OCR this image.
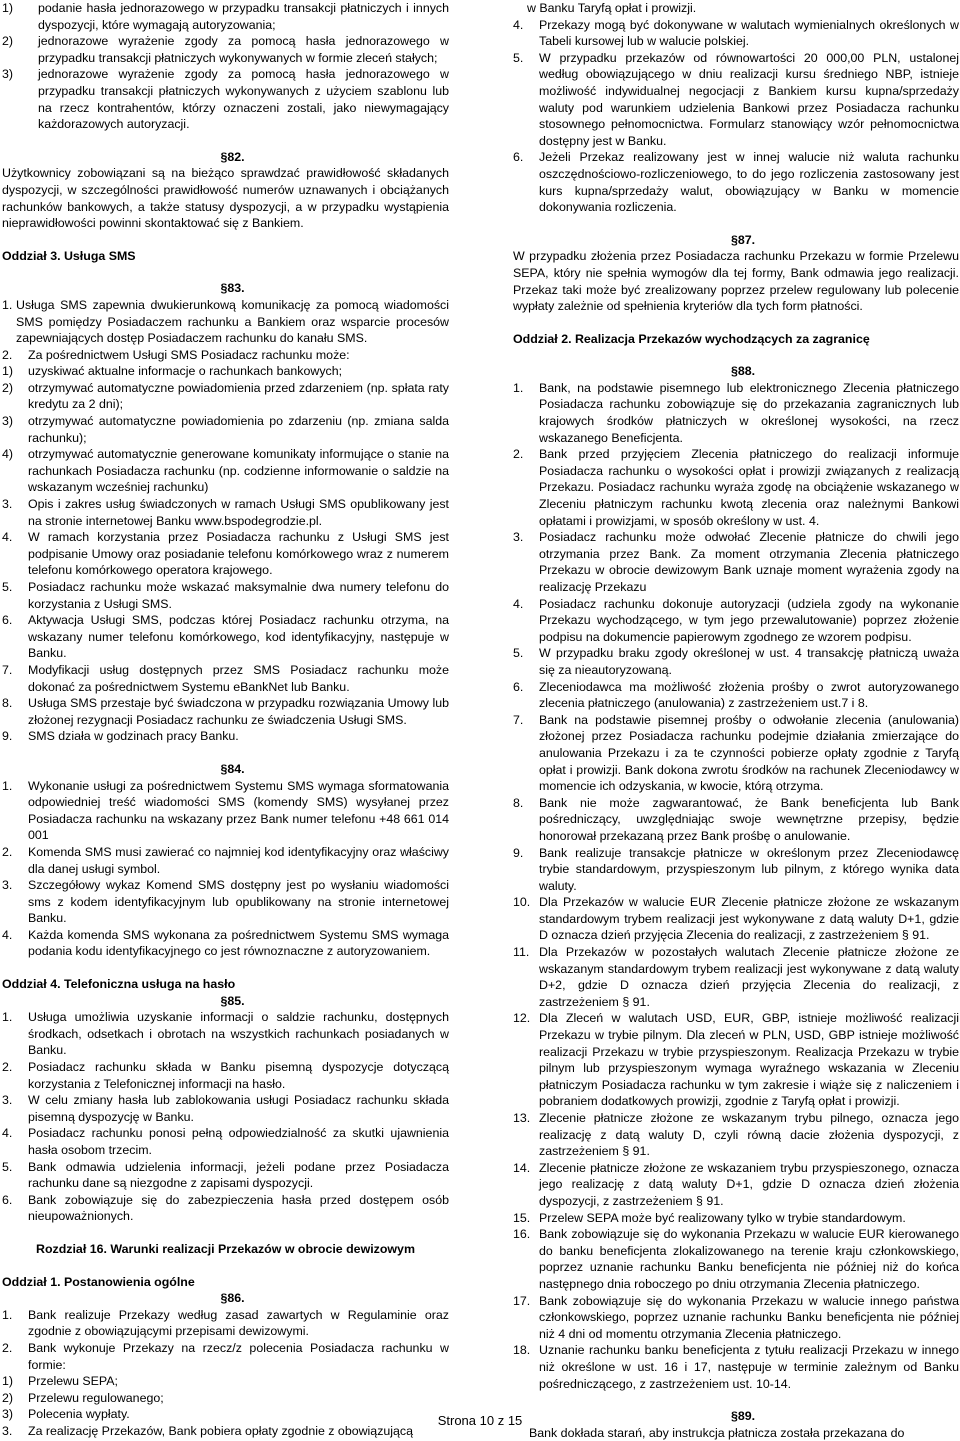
1)	podanie hasła jednorazowego w przypadku transakcji płatniczych i innych dyspozycji, które wymagają autoryzowania;
2)	jednorazowe wyrażenie zgody za pomocą hasła jednorazowego w przypadku transakcji płatniczych wykonywanych w formie zleceń stałych;
3)	jednorazowe wyrażenie zgody za pomocą hasła jednorazowego w przypadku transakcji płatniczych wykonywanych z użyciem szablonu lub na rzecz kontrahentów, którzy oznaczeni zostali, jako niewymagający każdorazowych autoryzacji.
§82.

Użytkownicy zobowiązani są na bieżąco sprawdzać prawidłowość składanych dyspozycji, w szczególności prawidłowość numerów uznawanych i obciążanych rachunków bankowych, a także statusy dyspozycji, a w przypadku wystąpienia nieprawidłowości powinni skontaktować się z Bankiem.

Oddział 3. Usługa SMS
§83.
1. Usługa SMS zapewnia dwukierunkową komunikację za pomocą wiadomości SMS pomiędzy Posiadaczem rachunku a Bankiem oraz wsparcie procesów zapewniających dostęp Posiadaczem rachunku do kanału SMS.
2.	Za pośrednictwem Usługi SMS Posiadacz rachunku może:
1)	uzyskiwać aktualne informacje o rachunkach bankowych;
2)	otrzymywać automatyczne powiadomienia przed zdarzeniem (np. spłata raty kredytu za 2 dni);
3)	otrzymywać automatyczne powiadomienia po zdarzeniu (np. zmiana salda rachunku);
4)	otrzymywać automatycznie generowane komunikaty informujące o stanie na rachunkach Posiadacza rachunku (np. codzienne informowanie o saldzie na wskazanym wcześniej rachunku)
3.	Opis i zakres usług świadczonych w ramach Usługi SMS opublikowany jest na stronie internetowej Banku www.bspodegrodzie.pl.
4.	W ramach korzystania przez Posiadacza rachunku z Usługi SMS jest podpisanie Umowy oraz posiadanie telefonu komórkowego wraz z numerem telefonu komórkowego operatora krajowego.
5.	Posiadacz rachunku może wskazać maksymalnie dwa numery telefonu do korzystania z Usługi SMS.
6.	Aktywacja Usługi SMS, podczas której Posiadacz rachunku otrzyma, na wskazany numer telefonu komórkowego, kod identyfikacyjny, następuje w Banku.
7.	Modyfikacji usług dostępnych przez SMS Posiadacz rachunku może dokonać za pośrednictwem Systemu eBankNet lub Banku.
8.	Usługa SMS przestaje być świadczona w przypadku rozwiązania Umowy lub złożonej rezygnacji Posiadacz rachunku ze świadczenia Usługi SMS.
9.	SMS działa w godzinach pracy Banku.
§84.
1.	Wykonanie usługi za pośrednictwem Systemu SMS wymaga sformatowania odpowiedniej treść wiadomości SMS (komendy SMS) wysyłanej przez Posiadacza rachunku na wskazany przez Bank numer telefonu +48 661 014 001
2.	Komenda SMS musi zawierać co najmniej kod identyfikacyjny oraz właściwy dla danej usługi symbol.
3.	Szczegółowy wykaz Komend SMS dostępny jest po wysłaniu wiadomości sms z kodem identyfikacyjnym lub opublikowany na stronie internetowej Banku.
4.	Każda komenda SMS wykonana za pośrednictwem Systemu SMS wymaga podania kodu identyfikacyjnego co jest równoznaczne z autoryzowaniem.
Oddział 4. Telefoniczna usługa na hasło
§85.
1.	Usługa umożliwia uzyskanie informacji o saldzie rachunku, dostępnych środkach, odsetkach i obrotach na wszystkich rachunkach posiadanych w Banku.
2.	Posiadacz rachunku składa w Banku pisemną dyspozycje dotyczącą korzystania z Telefonicznej informacji na hasło.
3.	W celu zmiany hasła lub zablokowania usługi Posiadacz rachunku składa pisemną dyspozycję w Banku.
4.	Posiadacz rachunku ponosi pełną odpowiedzialność za skutki ujawnienia hasła osobom trzecim.
5.	Bank odmawia udzielenia informacji, jeżeli podane przez Posiadacza rachunku dane są niezgodne z zapisami dyspozycji.
6.	Bank zobowiązuje się do zabezpieczenia hasła przed dostępem osób nieupoważnionych.
Rozdział 16. Warunki realizacji Przekazów w obrocie dewizowym
Oddział 1. Postanowienia ogólne
§86.
1.	Bank realizuje Przekazy według zasad zawartych w Regulaminie oraz zgodnie z obowiązującymi przepisami dewizowymi.
2.	Bank wykonuje Przekazy na rzecz/z polecenia Posiadacza rachunku w formie:
1)	Przelewu SEPA;
2)	Przelewu regulowanego;
3)	Polecenia wypłaty.
3.	Za realizację Przekazów, Bank pobiera opłaty zgodnie z obowiązującą
w Banku Taryfą opłat i prowizji.
4.	Przekazy mogą być dokonywane w walutach wymienialnych określonych w Tabeli kursowej lub w walucie polskiej.
5.	W przypadku przekazów od równowartości 20 000,00 PLN, ustalonej według obowiązującego w dniu realizacji kursu średniego NBP, istnieje możliwość indywidualnej negocjacji z Bankiem kursu kupna/sprzedaży waluty pod warunkiem udzielenia Bankowi przez Posiadacza rachunku stosownego pełnomocnictwa. Formularz stanowiący wzór pełnomocnictwa dostępny jest w Banku.
6.	Jeżeli Przekaz realizowany jest w innej walucie niż waluta rachunku oszczędnościowo-rozliczeniowego, to do jego rozliczenia zastosowany jest kurs kupna/sprzedaży walut, obowiązujący w Banku w momencie dokonywania rozliczenia.
§87.

W przypadku złożenia przez Posiadacza rachunku Przekazu w formie Przelewu SEPA, który nie spełnia wymogów dla tej formy, Bank odmawia jego realizacji. Przekaz taki może być zrealizowany poprzez przelew regulowany lub polecenie wypłaty zależnie od spełnienia kryteriów dla tych form płatności.

Oddział 2. Realizacja Przekazów wychodzących za zagranicę
§88.
1.	Bank, na podstawie pisemnego lub elektronicznego Zlecenia płatniczego Posiadacza rachunku zobowiązuje się do przekazania zagranicznych lub krajowych środków płatniczych w określonej wysokości, na rzecz wskazanego Beneficjenta.
2.	Bank przed przyjęciem Zlecenia płatniczego do realizacji informuje Posiadacza rachunku o wysokości opłat i prowizji związanych z realizacją Przekazu. Posiadacz rachunku wyraża zgodę na obciążenie wskazanego w Zleceniu płatniczym rachunku kwotą zlecenia oraz należnymi Bankowi opłatami i prowizjami, w sposób określony w ust. 4.
3.	Posiadacz rachunku może odwołać Zlecenie płatnicze do chwili jego otrzymania przez Bank. Za moment otrzymania Zlecenia płatniczego Przekazu w obrocie dewizowym Bank uznaje moment wyrażenia zgody na realizację Przekazu
4.	Posiadacz rachunku dokonuje autoryzacji (udziela zgody na wykonanie Przekazu wychodzącego, w tym jego przewalutowanie) poprzez złożenie podpisu na dokumencie papierowym zgodnego ze wzorem podpisu.
5.	W przypadku braku zgody określonej w ust. 4 transakcję płatniczą uważa się za nieautoryzowaną.
6.	Zleceniodawca ma możliwość złożenia prośby o zwrot autoryzowanego zlecenia płatniczego (anulowania) z zastrzeżeniem ust.7 i 8.
7.	Bank na podstawie pisemnej prośby o odwołanie zlecenia (anulowania) złożonej przez Posiadacza rachunku podejmie działania zmierzające do anulowania Przekazu i za te czynności pobierze opłaty zgodnie z Taryfą opłat i prowizji. Bank dokona zwrotu środków na rachunek Zleceniodawcy w momencie ich odzyskania, w kwocie, którą otrzyma.
8.	Bank nie może zagwarantować, że Bank beneficjenta lub Bank pośredniczący, uwzględniając swoje wewnętrzne przepisy, będzie honorował przekazaną przez Bank prośbę o anulowanie.
9.	Bank realizuje transakcje płatnicze w określonym przez Zleceniodawcę trybie standardowym, przyspieszonym lub pilnym, z którego wynika data waluty.
10. Dla Przekazów w walucie EUR Zlecenie płatnicze złożone ze wskazanym standardowym trybem realizacji jest wykonywane z datą waluty D+1, gdzie D oznacza dzień przyjęcia Zlecenia do realizacji, z zastrzeżeniem § 91.
11. Dla Przekazów w pozostałych walutach Zlecenie płatnicze złożone ze wskazanym standardowym trybem realizacji jest wykonywane z datą waluty D+2, gdzie D oznacza dzień przyjęcia Zlecenia do realizacji, z zastrzeżeniem § 91.
12. Dla Zleceń w walutach USD, EUR, GBP, istnieje możliwość realizacji Przekazu w trybie pilnym. Dla zleceń w PLN, USD, GBP istnieje możliwość realizacji Przekazu w trybie przyspieszonym. Realizacja Przekazu w trybie pilnym lub przyspieszonym wymaga wyraźnego wskazania w Zleceniu płatniczym Posiadacza rachunku w tym zakresie i wiąże się z naliczeniem i pobraniem dodatkowych prowizji, zgodnie z Taryfą opłat i prowizji.
13. Zlecenie płatnicze złożone ze wskazanym trybu pilnego, oznacza jego realizację z datą waluty D, czyli równą dacie złożenia dyspozycji, z zastrzeżeniem § 91.
14. Zlecenie płatnicze złożone ze wskazaniem trybu przyspieszonego, oznacza jego realizację z datą waluty D+1, gdzie D oznacza dzień złożenia dyspozycji, z zastrzeżeniem § 91.
15. Przelew SEPA może być realizowany tylko w trybie standardowym.
16. Bank zobowiązuje się do wykonania Przekazu w walucie EUR kierowanego do banku beneficjenta zlokalizowanego na terenie kraju członkowskiego, poprzez uznanie rachunku Banku beneficjenta nie później niż do końca następnego dnia roboczego po dniu otrzymania Zlecenia płatniczego.
17. Bank zobowiązuje się do wykonania Przekazu w walucie innego państwa członkowskiego, poprzez uznanie rachunku Banku beneficjenta nie później niż 4 dni od momentu otrzymania Zlecenia płatniczego.
18. Uznanie rachunku banku beneficjenta z tytułu realizacji Przekazu w innego niż określone w ust. 16 i 17, następuje w terminie zależnym od Banku pośredniczącego, z zastrzeżeniem ust. 10-14.
§89.

Bank dokłada starań, aby instrukcja płatnicza została przekazana do

Strona 10 z 15
